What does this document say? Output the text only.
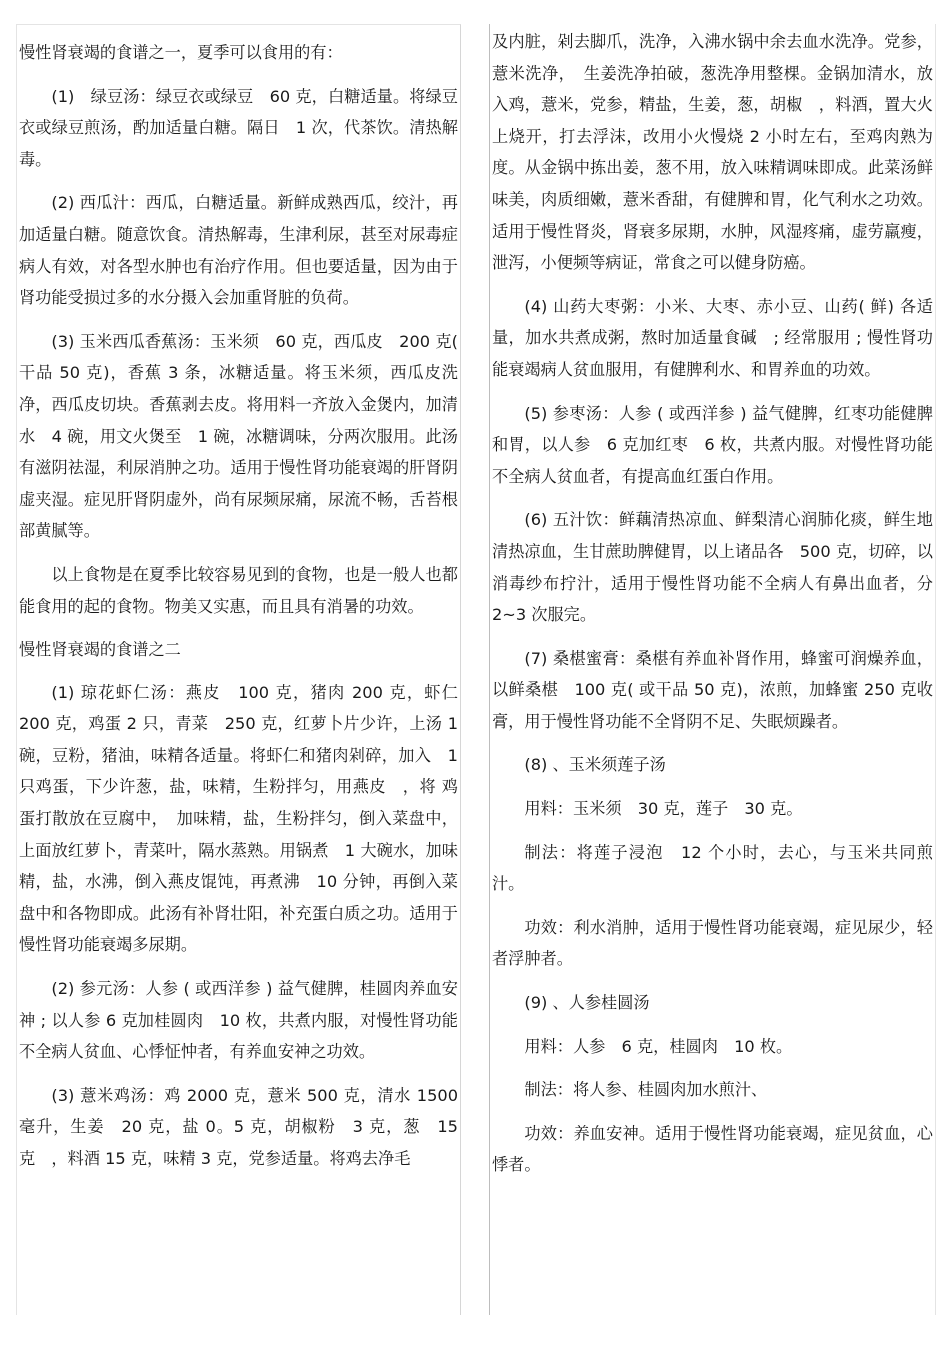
慢性肾衰竭的食谱之一，夏季可以食用的有：

(1)　绿豆汤：绿豆衣或绿豆　60 克，白糖适量。将绿豆衣或绿豆煎汤，酌加适量白糖。隔日　1 次，代茶饮。清热解毒。

(2) 西瓜汁：西瓜，白糖适量。新鲜成熟西瓜，绞汁，再加适量白糖。随意饮食。清热解毒，生津利尿，甚至对尿毒症病人有效，对各型水肿也有治疗作用。但也要适量，因为由于肾功能受损过多的水分摄入会加重肾脏的负荷。

(3) 玉米西瓜香蕉汤：玉米须　60 克，西瓜皮　200 克( 干品 50 克)，香蕉 3 条，冰糖适量。将玉米须，西瓜皮洗净，西瓜皮切块。香蕉剥去皮。将用料一齐放入金煲内，加清水　4 碗，用文火煲至　1 碗，冰糖调味，分两次服用。此汤有滋阴祛湿，利尿消肿之功。适用于慢性肾功能衰竭的肝肾阴虚夹湿。症见肝肾阴虚外，尚有尿频尿痛，尿流不畅，舌苔根部黄腻等。

以上食物是在夏季比较容易见到的食物，也是一般人也都能食用的起的食物。物美又实惠，而且具有消暑的功效。

慢性肾衰竭的食谱之二

(1) 琼花虾仁汤：燕皮　100 克，猪肉 200 克，虾仁 200 克，鸡蛋 2 只，青菜　250 克，红萝卜片少许，上汤 1 碗，豆粉，猪油，味精各适量。将虾仁和猪肉剁碎，加入　1 只鸡蛋，下少许葱，盐，味精，生粉拌匀，用燕皮　，将 鸡蛋打散放在豆腐中，　加味精，盐，生粉拌匀，倒入菜盘中，上面放红萝卜，青菜叶，隔水蒸熟。用锅煮　1 大碗水，加味精，盐，水沸，倒入燕皮馄饨，再煮沸　10 分钟，再倒入菜盘中和各物即成。此汤有补肾壮阳，补充蛋白质之功。适用于慢性肾功能衰竭多尿期。

(2) 参元汤：人参 ( 或西洋参 ) 益气健脾，桂圆肉养血安神 ; 以人参 6 克加桂圆肉　10 枚，共煮内服，对慢性肾功能不全病人贫血、心悸怔忡者，有养血安神之功效。

(3) 薏米鸡汤：鸡 2000 克，薏米 500 克，清水 1500 毫升，生姜　20 克，盐 0。5 克，胡椒粉　3 克，葱　15 克　，料酒 15 克，味精 3 克，党参适量。将鸡去净毛

及内脏，剁去脚爪，洗净，入沸水锅中余去血水洗净。党参，薏米洗净，　生姜洗净拍破，葱洗净用整棵。金锅加清水，放入鸡，薏米，党参，精盐，生姜，葱，胡椒　，料酒，置大火上烧开，打去浮沫，改用小火慢烧 2 小时左右，至鸡肉熟为度。从金锅中拣出姜，葱不用，放入味精调味即成。此菜汤鲜味美，肉质细嫩，薏米香甜，有健脾和胃，化气利水之功效。适用于慢性肾炎，肾衰多尿期，水肿，风湿疼痛，虚劳羸瘦，泄泻，小便频等病证，常食之可以健身防癌。

(4) 山药大枣粥：小米、大枣、赤小豆、山药( 鲜) 各适量，加水共煮成粥，熬时加适量食碱　; 经常服用 ; 慢性肾功能衰竭病人贫血服用，有健脾利水、和胃养血的功效。

(5) 参枣汤：人参 ( 或西洋参 ) 益气健脾，红枣功能健脾和胃，以人参　6 克加红枣　6 枚，共煮内服。对慢性肾功能不全病人贫血者，有提高血红蛋白作用。

(6) 五汁饮：鲜藕清热凉血、鲜梨清心润肺化痰，鲜生地清热凉血，生甘蔗助脾健胃，以上诸品各　500 克，切碎，以消毒纱布拧汁，适用于慢性肾功能不全病人有鼻出血者，分　2~3 次服完。

(7) 桑椹蜜膏：桑椹有养血补肾作用，蜂蜜可润燥养血，以鲜桑椹　100 克( 或干品 50 克)，浓煎，加蜂蜜 250 克收膏，用于慢性肾功能不全肾阴不足、失眠烦躁者。

(8) 、玉米须莲子汤

用料：玉米须　30 克，莲子　30 克。

制法：将莲子浸泡　12 个小时，去心，与玉米共同煎汁。

功效：利水消肿，适用于慢性肾功能衰竭，症见尿少，轻者浮肿者。

(9) 、人参桂圆汤

用料：人参　6 克，桂圆肉　10 枚。

制法：将人参、桂圆肉加水煎汁、

功效：养血安神。适用于慢性肾功能衰竭，症见贫血，心悸者。
